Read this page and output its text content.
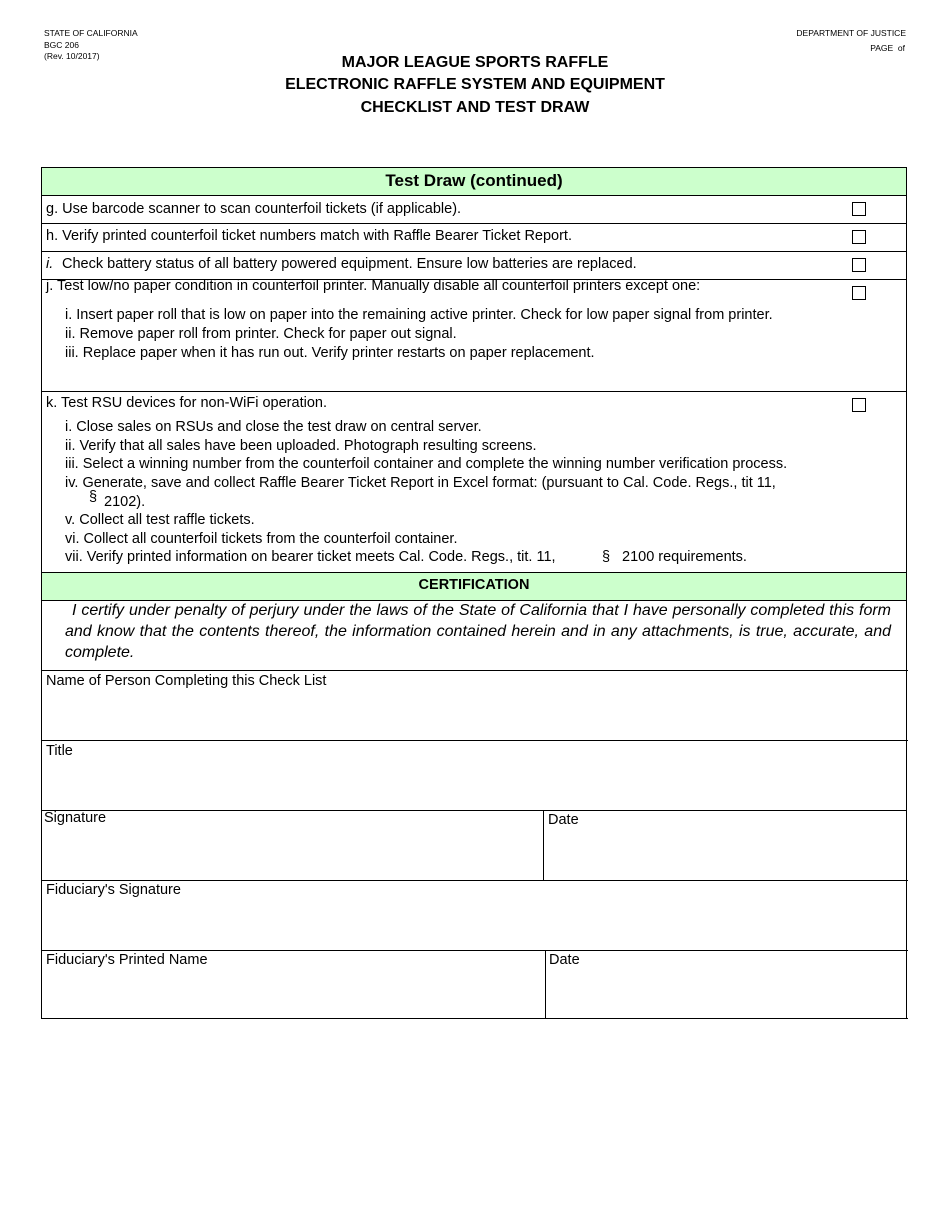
STATE OF CALIFORNIA
BGC 206
(Rev. 10/2017)
DEPARTMENT OF JUSTICE
PAGE  of
MAJOR LEAGUE SPORTS RAFFLE
ELECTRONIC RAFFLE SYSTEM AND EQUIPMENT
CHECKLIST AND TEST DRAW
Test Draw (continued)
g. Use barcode scanner to scan counterfoil tickets (if applicable).
h. Verify printed counterfoil ticket numbers match with Raffle Bearer Ticket Report.
i. Check battery status of all battery powered equipment. Ensure low batteries are replaced.
j. Test low/no paper condition in counterfoil printer. Manually disable all counterfoil printers except one:
i. Insert paper roll that is low on paper into the remaining active printer. Check for low paper signal from printer.
ii. Remove paper roll from printer. Check for paper out signal.
iii. Replace paper when it has run out. Verify printer restarts on paper replacement.
k. Test RSU devices for non-WiFi operation.
i. Close sales on RSUs and close the test draw on central server.
ii. Verify that all sales have been uploaded. Photograph resulting screens.
iii. Select a winning number from the counterfoil container and complete the winning number verification process.
iv. Generate, save and collect Raffle Bearer Ticket Report in Excel format: (pursuant to Cal. Code. Regs., tit 11,
§ 2102).
v. Collect all test raffle tickets.
vi. Collect all counterfoil tickets from the counterfoil container.
vii. Verify printed information on bearer ticket meets Cal. Code. Regs., tit. 11,	§ 2100 requirements.
CERTIFICATION
I certify under penalty of perjury under the laws of the State of California that I have personally completed this form and know that the contents thereof, the information contained herein and in any attachments, is true, accurate, and complete.
Name of Person Completing this Check List
Title
Signature	Date
Fiduciary's Signature
Fiduciary's Printed Name	Date
